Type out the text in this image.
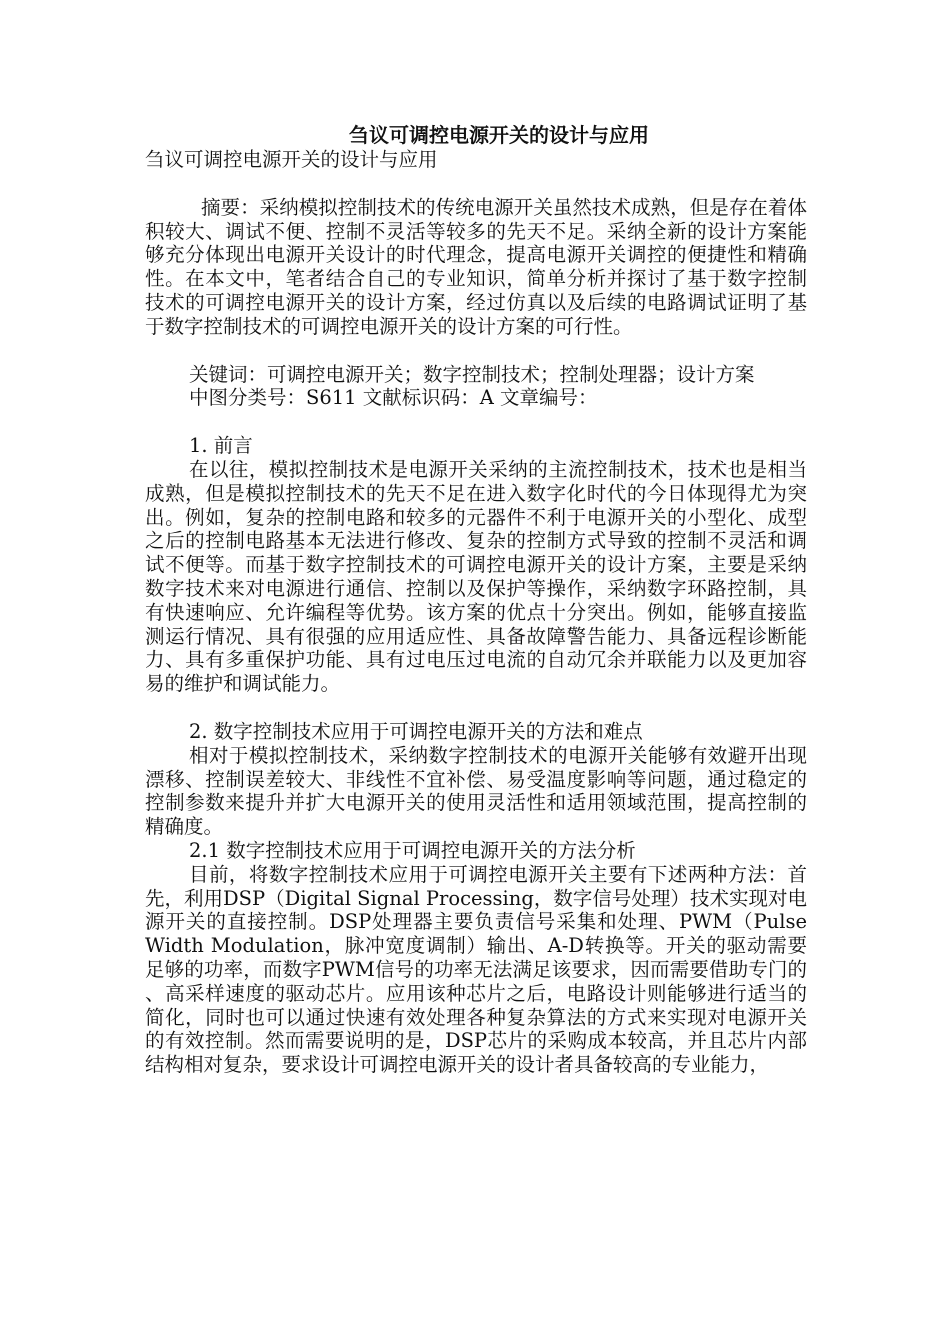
刍议可调控电源开关的设计与应用

刍议可调控电源开关的设计与应用

摘要：采纳模拟控制技术的传统电源开关虽然技术成熟，但是存在着体积较大、调试不便、控制不灵活等较多的先天不足。采纳全新的设计方案能够充分体现出电源开关设计的时代理念，提高电源开关调控的便捷性和精确性。在本文中，笔者结合自己的专业知识，简单分析并探讨了基于数字控制技术的可调控电源开关的设计方案，经过仿真以及后续的电路调试证明了基于数字控制技术的可调控电源开关的设计方案的可行性。

关键词：可调控电源开关；数字控制技术；控制处理器；设计方案

中图分类号：S611 文献标识码：A 文章编号：

1. 前言

在以往，模拟控制技术是电源开关采纳的主流控制技术，技术也是相当成熟，但是模拟控制技术的先天不足在进入数字化时代的今日体现得尤为突出。例如，复杂的控制电路和较多的元器件不利于电源开关的小型化、成型之后的控制电路基本无法进行修改、复杂的控制方式导致的控制不灵活和调试不便等。而基于数字控制技术的可调控电源开关的设计方案，主要是采纳数字技术来对电源进行通信、控制以及保护等操作，采纳数字环路控制，具有快速响应、允许编程等优势。该方案的优点十分突出。例如，能够直接监测运行情况、具有很强的应用适应性、具备故障警告能力、具备远程诊断能力、具有多重保护功能、具有过电压过电流的自动冗余并联能力以及更加容易的维护和调试能力。

2. 数字控制技术应用于可调控电源开关的方法和难点

相对于模拟控制技术，采纳数字控制技术的电源开关能够有效避开出现漂移、控制误差较大、非线性不宜补偿、易受温度影响等问题，通过稳定的控制参数来提升并扩大电源开关的使用灵活性和适用领域范围，提高控制的精确度。

2.1 数字控制技术应用于可调控电源开关的方法分析

目前，将数字控制技术应用于可调控电源开关主要有下述两种方法：首先，利用DSP（Digital Signal Processing，数字信号处理）技术实现对电源开关的直接控制。DSP处理器主要负责信号采集和处理、PWM（Pulse Width Modulation，脉冲宽度调制）输出、A-D转换等。开关的驱动需要足够的功率，而数字PWM信号的功率无法满足该要求，因而需要借助专门的、高采样速度的驱动芯片。应用该种芯片之后，电路设计则能够进行适当的简化，同时也可以通过快速有效处理各种复杂算法的方式来实现对电源开关的有效控制。然而需要说明的是，DSP芯片的采购成本较高，并且芯片内部结构相对复杂，要求设计可调控电源开关的设计者具备较高的专业能力，
